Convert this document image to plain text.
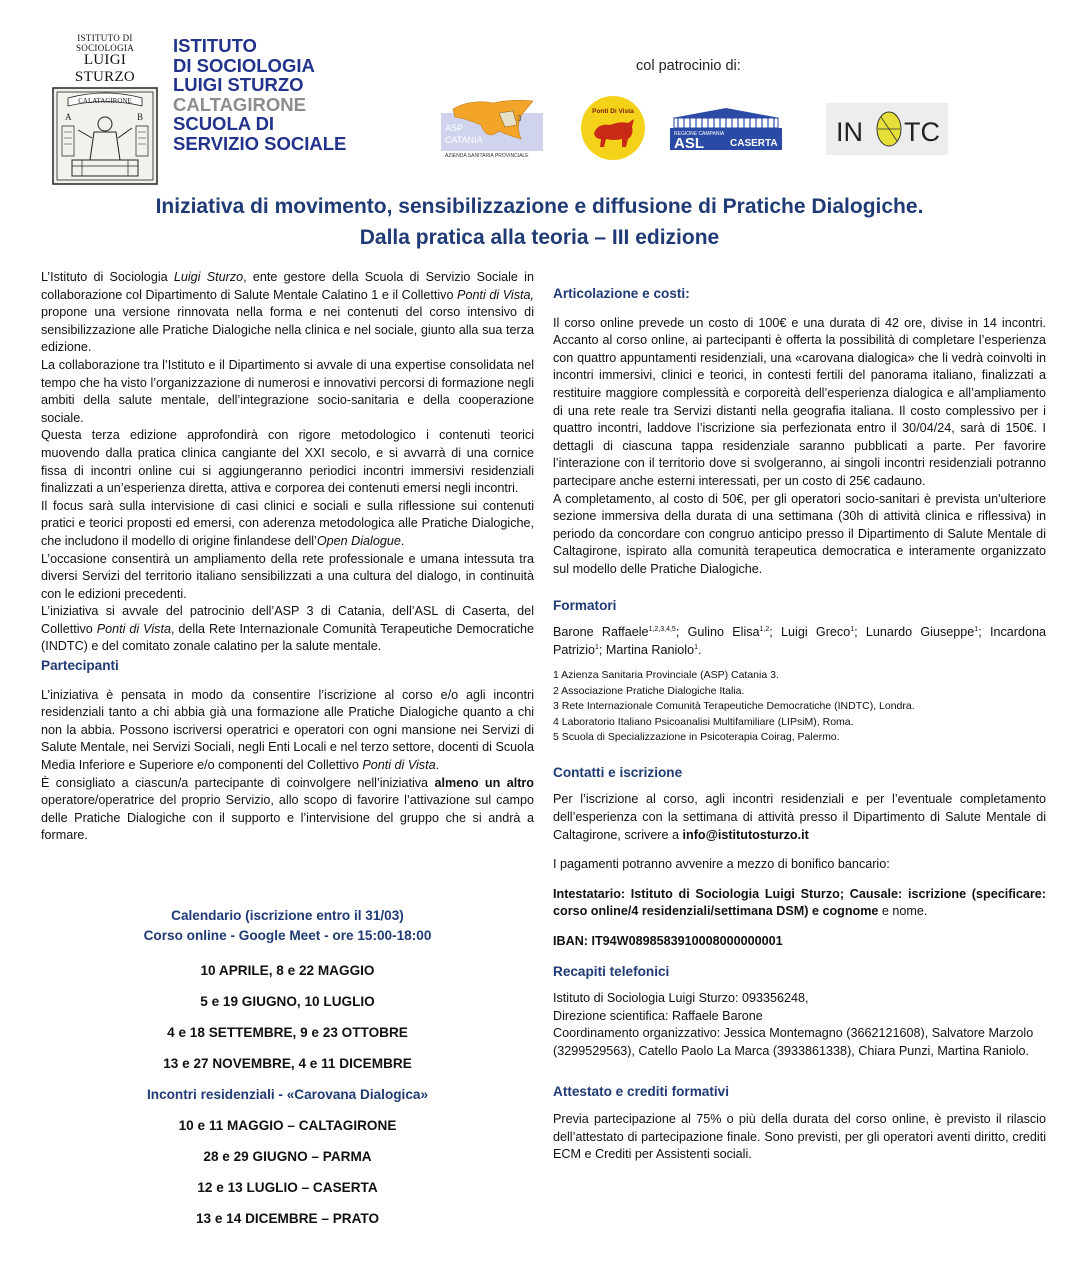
ISTITUTO DI SOCIOLOGIA
LUIGI STURZO
CALATAGIRONE
A	B
ISTITUTO
DI SOCIOLOGIA
LUIGI STURZO
CALTAGIRONE
SCUOLA DI
SERVIZIO SOCIALE
col patrocinio di:
3
ASP
CATANIA
AZIENDA SANITARIA PROVINCIALE
Ponti Di Vista
REGIONE CAMPANIA
ASL	CASERTA IN TC
Iniziativa di movimento, sensibilizzazione e diffusione di Pratiche Dialogiche.
Dalla pratica alla teoria – III edizione

L’Istituto di Sociologia Luigi Sturzo, ente gestore della Scuola di Servizio Sociale in collaborazione col Dipartimento di Salute Mentale Calatino 1 e il Collettivo Ponti di Vista, propone una versione rinnovata nella forma e nei contenuti del corso intensivo di sensibilizzazione alle Pratiche Dialogiche nella clinica e nel sociale, giunto alla sua terza edizione.

La collaborazione tra l’Istituto e il Dipartimento si avvale di una expertise consolidata nel tempo che ha visto l’organizzazione di numerosi e innovativi percorsi di formazione negli ambiti della salute mentale, dell’integrazione socio-sanitaria e della cooperazione sociale.

Questa terza edizione approfondirà con rigore metodologico i contenuti teorici muovendo dalla pratica clinica cangiante del XXI secolo, e si avvarrà di una cornice fissa di incontri online cui si aggiungeranno periodici incontri immersivi residenziali finalizzati a un’esperienza diretta, attiva e corporea dei contenuti emersi negli incontri.

Il focus sarà sulla intervisione di casi clinici e sociali e sulla riflessione sui contenuti pratici e teorici proposti ed emersi, con aderenza metodologica alle Pratiche Dialogiche, che includono il modello di origine finlandese dell’Open Dialogue.

L’occasione consentirà un ampliamento della rete professionale e umana intessuta tra diversi Servizi del territorio italiano sensibilizzati a una cultura del dialogo, in continuità con le edizioni precedenti.

L’iniziativa si avvale del patrocinio dell’ASP 3 di Catania, dell’ASL di Caserta, del Collettivo Ponti di Vista, della Rete Internazionale Comunità Terapeutiche Democratiche (INDTC) e del comitato zonale calatino per la salute mentale.

Partecipanti

L’iniziativa è pensata in modo da consentire l’iscrizione al corso e/o agli incontri residenziali tanto a chi abbia già una formazione alle Pratiche Dialogiche quanto a chi non la abbia. Possono iscriversi operatrici e operatori con ogni mansione nei Servizi di Salute Mentale, nei Servizi Sociali, negli Enti Locali e nel terzo settore, docenti di Scuola Media Inferiore e Superiore e/o componenti del Collettivo Ponti di Vista.

È consigliato a ciascun/a partecipante di coinvolgere nell’iniziativa almeno un altro operatore/operatrice del proprio Servizio, allo scopo di favorire l’attivazione sul campo delle Pratiche Dialogiche con il supporto e l’intervisione del gruppo che si andrà a formare.

Calendario (iscrizione entro il 31/03)
Corso online - Google Meet - ore 15:00-18:00
10 APRILE, 8 e 22 MAGGIO
5 e 19 GIUGNO, 10 LUGLIO
4 e 18 SETTEMBRE, 9 e 23 OTTOBRE
13 e 27 NOVEMBRE, 4 e 11 DICEMBRE
Incontri residenziali - «Carovana Dialogica»
10 e 11 MAGGIO – CALTAGIRONE
28 e 29 GIUGNO – PARMA
12 e 13 LUGLIO – CASERTA
13 e 14 DICEMBRE – PRATO

Articolazione e costi:

Il corso online prevede un costo di 100€ e una durata di 42 ore, divise in 14 incontri. Accanto al corso online, ai partecipanti è offerta la possibilità di completare l’esperienza con quattro appuntamenti residenziali, una «carovana dialogica» che li vedrà coinvolti in incontri immersivi, clinici e teorici, in contesti fertili del panorama italiano, finalizzati a restituire maggiore complessità e corporeità dell’esperienza dialogica e all’ampliamento di una rete reale tra Servizi distanti nella geografia italiana. Il costo complessivo per i quattro incontri, laddove l’iscrizione sia perfezionata entro il 30/04/24, sarà di 150€. I dettagli di ciascuna tappa residenziale saranno pubblicati a parte. Per favorire l’interazione con il territorio dove si svolgeranno, ai singoli incontri residenziali potranno partecipare anche esterni interessati, per un costo di 25€ cadauno.

A completamento, al costo di 50€, per gli operatori socio-sanitari è prevista un'ulteriore sezione immersiva della durata di una settimana (30h di attività clinica e riflessiva) in periodo da concordare con congruo anticipo presso il Dipartimento di Salute Mentale di Caltagirone, ispirato alla comunità terapeutica democratica e interamente organizzato sul modello delle Pratiche Dialogiche.

Formatori

Barone Raffaele$^{1,2,3,4,5}$; Gulino Elisa$^{1,2}$; Luigi Greco$^1$; Lunardo Giuseppe$^1$; Incardona Patrizio$^1$; Martina Raniolo$^1$.

1 Azienza Sanitaria Provinciale (ASP) Catania 3.
2 Associazione Pratiche Dialogiche Italia.
3 Rete Internazionale Comunità Terapeutiche Democratiche (INDTC), Londra.
4 Laboratorio Italiano Psicoanalisi Multifamiliare (LIPsiM), Roma.
5 Scuola di Specializzazione in Psicoterapia Coirag, Palermo.

Contatti e iscrizione

Per l’iscrizione al corso, agli incontri residenziali e per l’eventuale completamento dell’esperienza con la settimana di attività presso il Dipartimento di Salute Mentale di Caltagirone, scrivere a info@istitutosturzo.it

I pagamenti potranno avvenire a mezzo di bonifico bancario:

Intestatario: Istituto di Sociologia Luigi Sturzo; Causale: iscrizione (specificare: corso online/4 residenziali/settimana DSM) e cognome e nome.

IBAN: IT94W0898583910008000000001

Recapiti telefonici

Istituto di Sociologia Luigi Sturzo: 093356248,
Direzione scientifica: Raffaele Barone
Coordinamento organizzativo: Jessica Montemagno (3662121608), Salvatore Marzolo (3299529563), Catello Paolo La Marca (3933861338), Chiara Punzi, Martina Raniolo.

Attestato e crediti formativi

Previa partecipazione al 75% o più della durata del corso online, è previsto il rilascio dell’attestato di partecipazione finale. Sono previsti, per gli operatori aventi diritto, crediti ECM e Crediti per Assistenti sociali.
